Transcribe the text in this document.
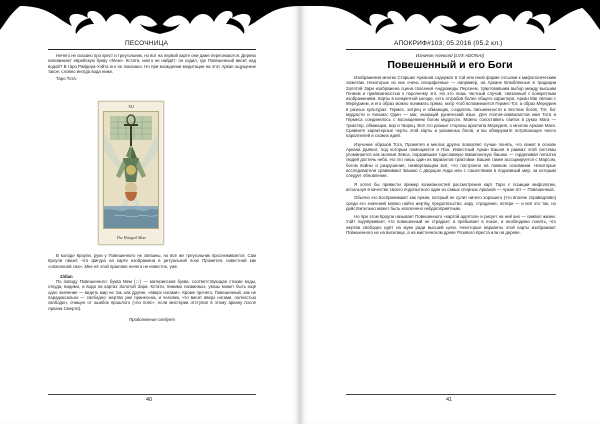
ПЕСОЧНИЦА

Ничего не сказано про крест и треугольник, но вот на первой карте они даже пересекаются. Дерево напоминает еврейскую букву «Мем». Кстати, никто не найдёт: он ходил, где Повешенный висит над водой? В таро Райдера-Уэйта его не показано. Но при вхождении медитации на этот Аркан ощущение такое, словно иногда вода ниже.

Таро Тота:

XII
The Hanged Man

В колоде Кроули, руки у Повешенного не связаны, но всё же треугольник прослеживается. Сам Кроули пишет, что фигура на карте изображена в ритуальной позе Прометея, известной как «опасенной сна». Мне её этой практике ничего не известно, уже.

Zidian

По поводу Повешенного: буква Мем (□) — материнская буква, соответствующая стихии воды, откуда, видимо, и вода на картах Золотой Зари. Кстати, помимо названных, указы может быть ещё одно значение — видеть мир не так, как другие, «вверх ногами». Кроме прочего, Повешенный, как не парадоксально — свободно: жертва уже принесена, и человек, что висит вверх ногами, полностью свободен, очищен от ошибок прошлого («по пояс», если мистерии отступил в этому аркану после Аркана Смерти).

Продолжение следует

40
АПОКРИФ#103; 05.2016 (05.2 кл.)
Изначон Алексей (LVX ADONAI)
Повешенный и его Боги

Изображения многих Старших Арканов содержат в той или иной форме отсылки к мифологическим сюжетам. Некоторые из них очень специфичные — например, на Аркане Влюблённые в традиции Золотой Зари изображена сцена спасения Андромеды Персеем, трактовавшим выбор между высшим Гением и привязанностью к порочному эго. Но это лишь частный случай, связанный с конкретным изображением. Карты в конкретной колоде, есть отграбов более общего характера. Аркан Маг связан с Меркурием, и его образ можно понимать прямо, мэтр чтоб вспоминается Гермес-Тот, а образ Меркурия в разных культурах: Гермес, хитрец и обманщик, создатель письменности и вестник богов; Тот, бог мудрости и письма; Один — маг, знающий рунический язык. Для поэтов-символистов имя Тота и Гермеса соединялось с восхищением богом мудрости. Можно сопоставить свиток в руках Мага — трикстер, обманщик, вор и творец. Всё это разные стороны архетипа Меркурия, о многом Аркане Мага. Сравните характерные черты этой карты и указанных богов, и вы обнаружите потрясающее число параллелей и схожих идей.

Изучение образов Тота, Прометея и многих других позволяет лучше понять, что лежит в основе Аркана Дьявол, под которым помещается и Пан. Известный Аркан Башня в рамках этой системы упоминается как молния Зевса, поразившая тщеславную Вавилонскую башню — горделивая попытка людей достичь неба. Но это лишь один из вариантов трактовки. Башня также ассоциируется с Марсом, богом войны и разрушения, низвергающим всё, что построено на ложном основании. Некоторые исследователи сравнивают Башню с дворцом Аида или с сошествием в подземный мир, за которым следует обновление.

Я хотел бы привести пример возможностей рассмотрения карт Таро с позиции мифологии, используя в качестве своего подопытного один из самых спорных Арканов — Аркан XII — Повешенный.

Обычно его воспринимают как Аркан, который не сулит ничего хорошего (что вполне справедливо) среди его значений можно найти жертву, предательство, кару, страдание, потери — и всё это так, но действительно может быть исключено небдагоприятным.

Но при этом Кроули называет Повешенного «картой адептов» и рисует на ней анх — символ жизни. Уэйт подчёркивает, что повешенный не страдает, а пребывает в покое, и необходимо понять, что жертва свободно идёт на муки ради высшей цели. Некоторые варианты этой карты изображают Повешенного не на виселице, а на мистическом древе Розового Креста или на дереве.

41
